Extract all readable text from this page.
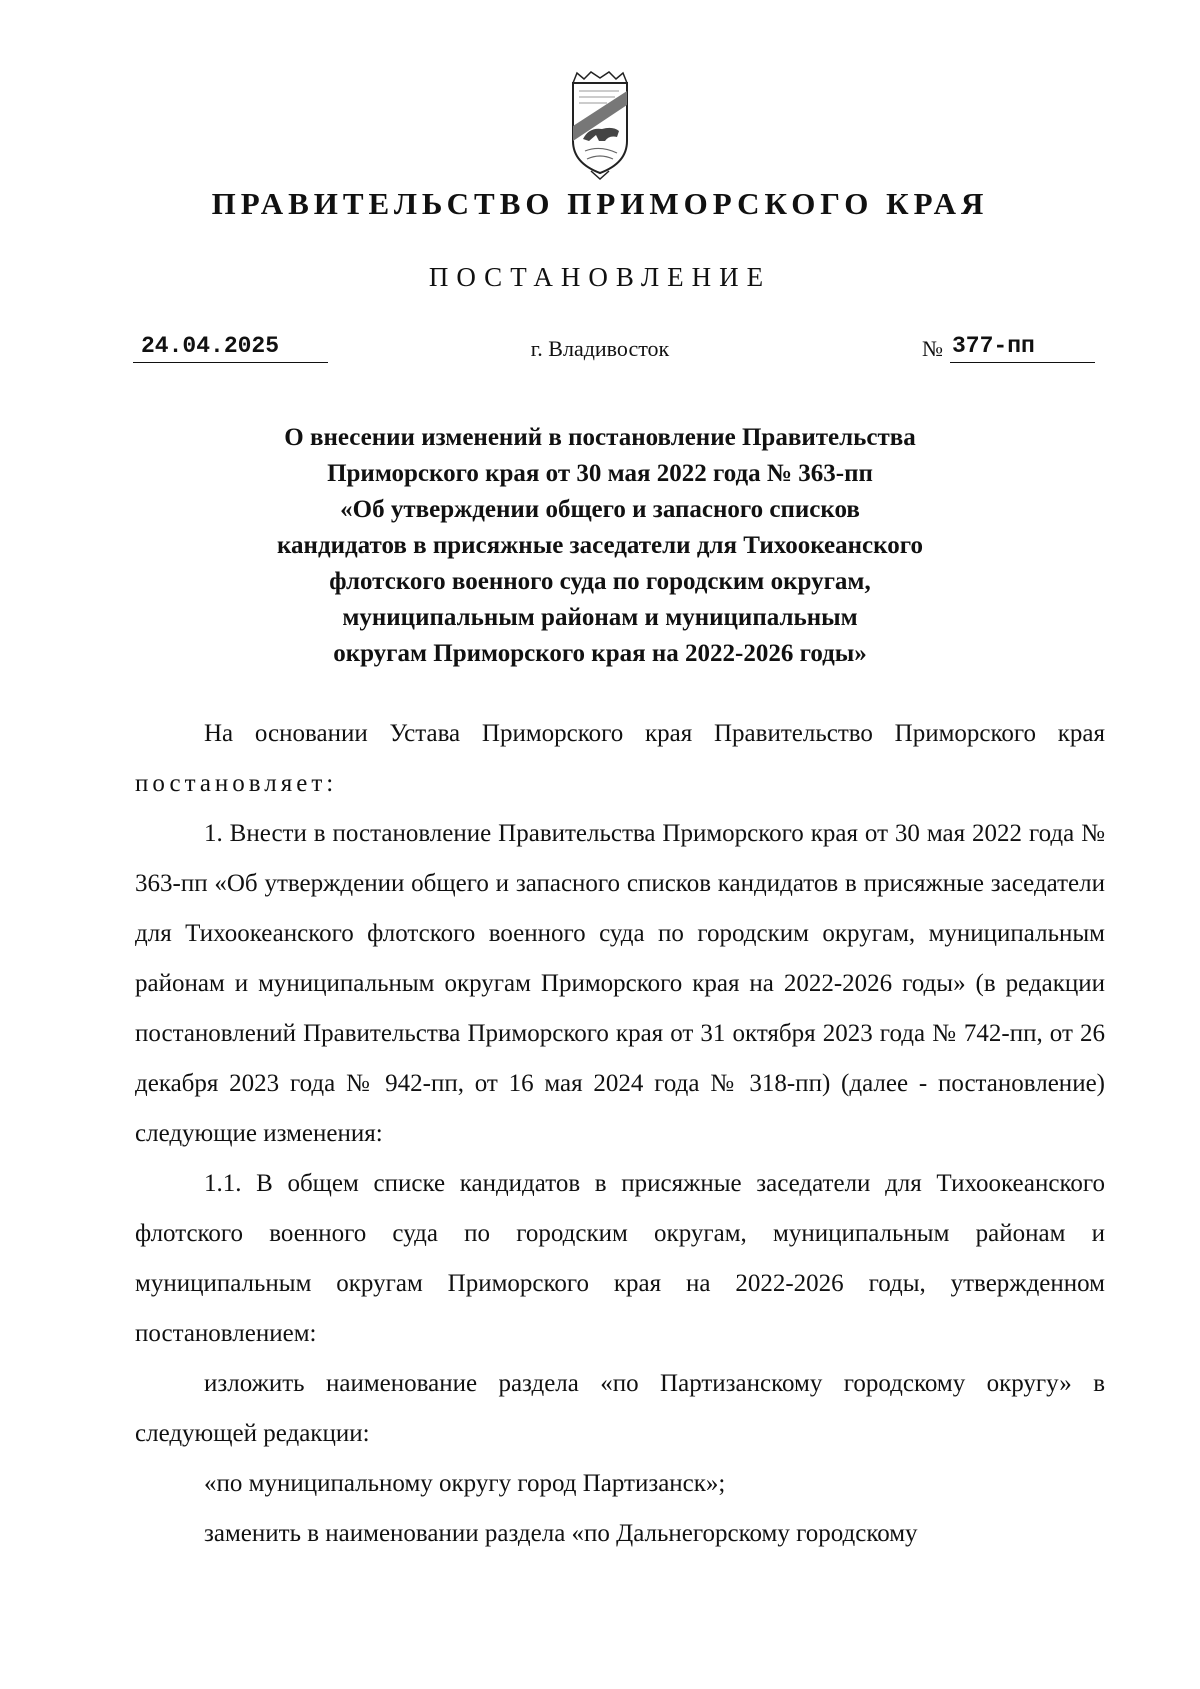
ПРАВИТЕЛЬСТВО ПРИМОРСКОГО КРАЯ
ПОСТАНОВЛЕНИЕ
24.04.2025	г. Владивосток	№ 377-пп
О внесении изменений в постановление Правительства
Приморского края от 30 мая 2022 года № 363-пп
«Об утверждении общего и запасного списков
кандидатов в присяжные заседатели для Тихоокеанского
флотского военного суда по городским округам,
муниципальным районам и муниципальным
округам Приморского края на 2022-2026 годы»

На основании Устава Приморского края Правительство Приморского края постановляет:

1. Внести в постановление Правительства Приморского края от 30 мая 2022 года № 363-пп «Об утверждении общего и запасного списков кандидатов в присяжные заседатели для Тихоокеанского флотского военного суда по городским округам, муниципальным районам и муниципальным округам Приморского края на 2022-2026 годы» (в редакции постановлений Правительства Приморского края от 31 октября 2023 года № 742-пп, от 26 декабря 2023 года № 942-пп, от 16 мая 2024 года № 318-пп) (далее - постановление) следующие изменения:

1.1. В общем списке кандидатов в присяжные заседатели для Тихоокеанского флотского военного суда по городским округам, муниципальным районам и муниципальным округам Приморского края на 2022-2026 годы, утвержденном постановлением:

изложить наименование раздела «по Партизанскому городскому округу» в следующей редакции:

«по муниципальному округу город Партизанск»;

заменить в наименовании раздела «по Дальнегорскому городскому
